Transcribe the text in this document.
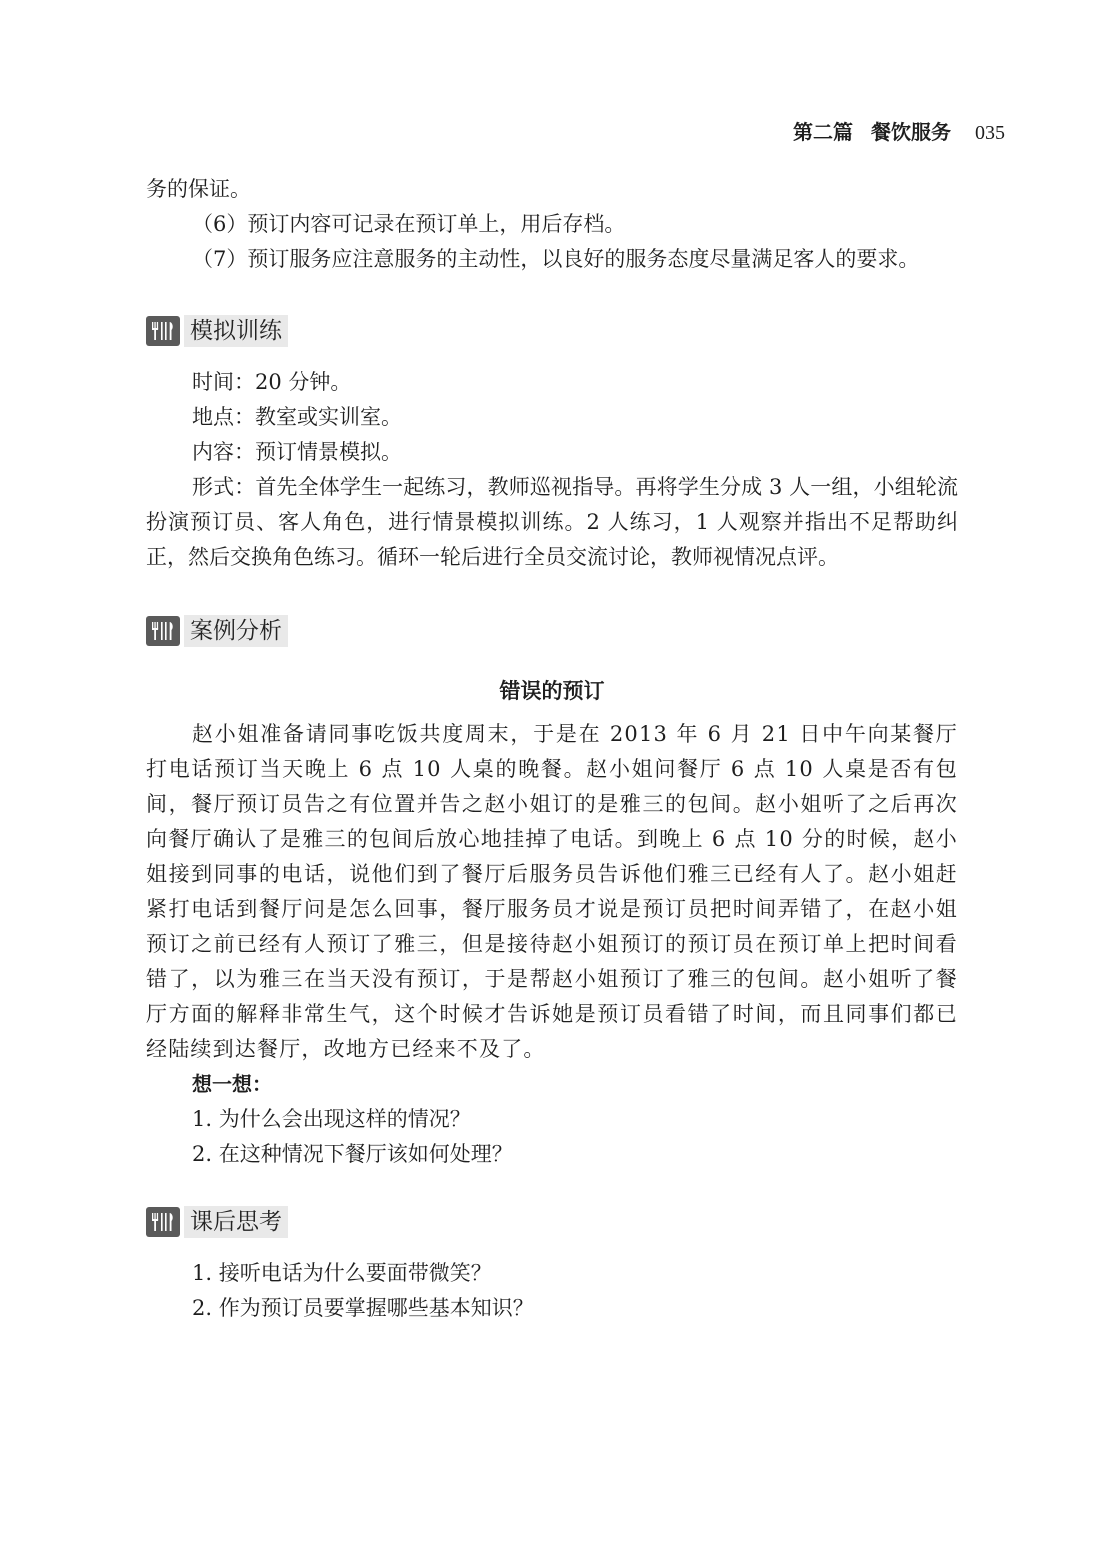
第二篇 餐饮服务 035

务的保证。

（6）预订内容可记录在预订单上，用后存档。

（7）预订服务应注意服务的主动性，以良好的服务态度尽量满足客人的要求。

模拟训练

时间：20 分钟。

地点：教室或实训室。

内容：预订情景模拟。

形式：首先全体学生一起练习，教师巡视指导。再将学生分成 3 人一组，小组轮流扮演预订员、客人角色，进行情景模拟训练。2 人练习，1 人观察并指出不足帮助纠正，然后交换角色练习。循环一轮后进行全员交流讨论，教师视情况点评。

案例分析
错误的预订

赵小姐准备请同事吃饭共度周末，于是在 2013 年 6 月 21 日中午向某餐厅打电话预订当天晚上 6 点 10 人桌的晚餐。赵小姐问餐厅 6 点 10 人桌是否有包间，餐厅预订员告之有位置并告之赵小姐订的是雅三的包间。赵小姐听了之后再次向餐厅确认了是雅三的包间后放心地挂掉了电话。到晚上 6 点 10 分的时候，赵小姐接到同事的电话，说他们到了餐厅后服务员告诉他们雅三已经有人了。赵小姐赶紧打电话到餐厅问是怎么回事，餐厅服务员才说是预订员把时间弄错了，在赵小姐预订之前已经有人预订了雅三，但是接待赵小姐预订的预订员在预订单上把时间看错了，以为雅三在当天没有预订，于是帮赵小姐预订了雅三的包间。赵小姐听了餐厅方面的解释非常生气，这个时候才告诉她是预订员看错了时间，而且同事们都已经陆续到达餐厅，改地方已经来不及了。

想一想：
1. 为什么会出现这样的情况？
2. 在这种情况下餐厅该如何处理？
课后思考
1. 接听电话为什么要面带微笑？
2. 作为预订员要掌握哪些基本知识？
